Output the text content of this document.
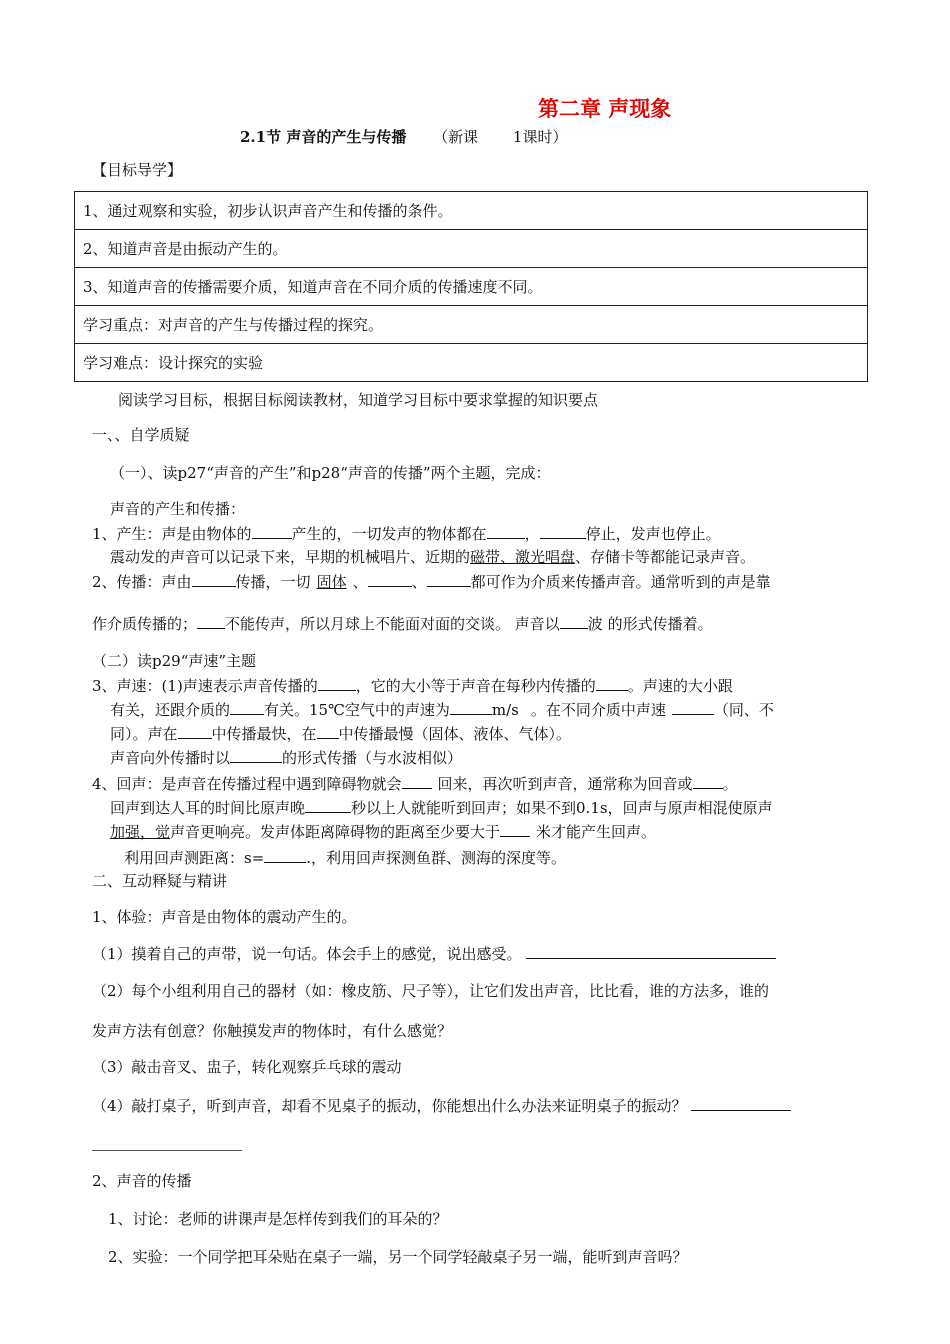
第二章 声现象
2.1节 声音的产生与传播 （新课 1课时）
【目标导学】
1、通过观察和实验，初步认识声音产生和传播的条件。
2、知道声音是由振动产生的。
3、知道声音的传播需要介质，知道声音在不同介质的传播速度不同。
学习重点：对声音的产生与传播过程的探究。
学习难点：设计探究的实验
阅读学习目标，根据目标阅读教材，知道学习目标中要求掌握的知识要点
一、、自学质疑
（一）、读p27“声音的产生”和p28“声音的传播”两个主题，完成：
声音的产生和传播：
1、产生：声是由物体的	产生的，一切发声的物体都在	，	停止，发声也停止。
震动发的声音可以记录下来，早期的机械唱片、近期的磁带、激光唱盘、存储卡等都能记录声音。
2、传播：声由	传播，一切 固体 、	、	都可作为介质来传播声音。通常听到的声是靠
作介质传播的； 不能传声，所以月球上不能面对面的交谈。 声音以 波 的形式传播着。
（二）读p29“声速”主题
3、声速：(1)声速表示声音传播的	，它的大小等于声音在每秒内传播的 。声速的大小跟
有关，还跟介质的 有关。15℃空气中的声速为	m/s 。在不同介质中声速	（同、不
同）。声在 中传播最快，在 中传播最慢（固体、液体、气体）。
声音向外传播时以	的形式传播（与水波相似）
4、回声：是声音在传播过程中遇到障碍物就会 回来，再次听到声音，通常称为回音或 。
回声到达人耳的时间比原声晚	秒以上人就能听到回声；如果不到0.1s，回声与原声相混使原声
加强，觉声音更响亮。发声体距离障碍物的距离至少要大于 米才能产生回声。
利用回声测距离：s=	.，利用回声探测鱼群、测海的深度等。
二、互动释疑与精讲
1、体验：声音是由物体的震动产生的。
（1）摸着自己的声带，说一句话。体会手上的感觉，说出感受。
（2）每个小组利用自己的器材（如：橡皮筋、尺子等），让它们发出声音，比比看，谁的方法多，谁的
发声方法有创意？你触摸发声的物体时，有什么感觉？
（3）敲击音叉、盅子，转化观察乒乓球的震动
（4）敲打桌子，听到声音，却看不见桌子的振动，你能想出什么办法来证明桌子的振动？
2、声音的传播
1、讨论：老师的讲课声是怎样传到我们的耳朵的？
2、实验：一个同学把耳朵贴在桌子一端，另一个同学轻敲桌子另一端，能听到声音吗？
